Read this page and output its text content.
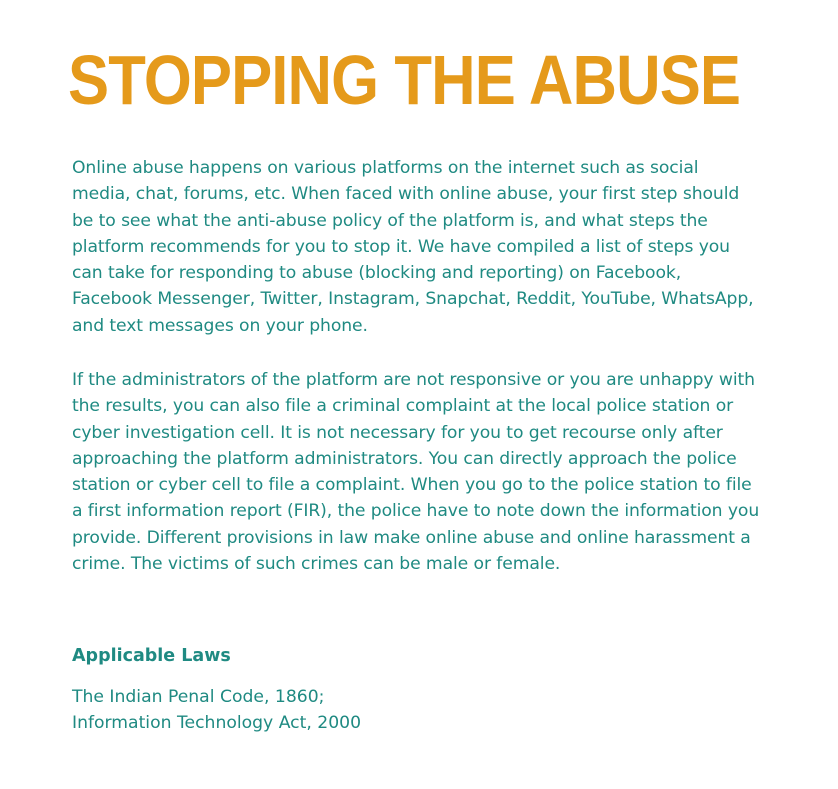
STOPPING THE ABUSE

Online abuse happens on various platforms on the internet such as social media, chat, forums, etc. When faced with online abuse, your first step should be to see what the anti-abuse policy of the platform is, and what steps the platform recommends for you to stop it. We have compiled a list of steps you can take for responding to abuse (blocking and reporting) on Facebook, Facebook Messenger, Twitter, Instagram, Snapchat, Reddit, YouTube, WhatsApp, and text messages on your phone.

If the administrators of the platform are not responsive or you are unhappy with the results, you can also file a criminal complaint at the local police station or cyber investigation cell. It is not necessary for you to get recourse only after approaching the platform administrators. You can directly approach the police station or cyber cell to file a complaint. When you go to the police station to file a first information report (FIR), the police have to note down the information you provide. Different provisions in law make online abuse and online harassment a crime. The victims of such crimes can be male or female.

Applicable Laws
The Indian Penal Code, 1860;
Information Technology Act, 2000
